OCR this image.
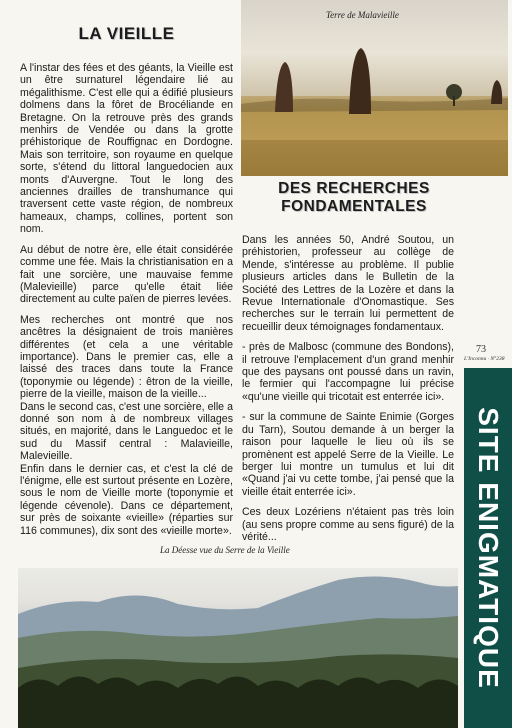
LA VIEILLE

A l'instar des fées et des géants, la Vieille est un être surnaturel légendaire lié au mégalithisme. C'est elle qui a édifié plusieurs dolmens dans la fôret de Brocéliande en Bretagne. On la retrouve près des grands menhirs de Vendée ou dans la grotte préhistorique de Rouffignac en Dordogne. Mais son territoire, son royaume en quelque sorte, s'étend du littoral languedocien aux monts d'Auvergne. Tout le long des anciennes drailles de transhumance qui traversent cette vaste région, de nombreux hameaux, champs, collines, portent son nom.

Au début de notre ère, elle était considérée comme une fée. Mais la christianisation en a fait une sorcière, une mauvaise femme (Malevieille) parce qu'elle était liée directement au culte païen de pierres levées.

Mes recherches ont montré que nos ancêtres la désignaient de trois manières différentes (et cela a une véritable importance). Dans le premier cas, elle a laissé des traces dans toute la France (toponymie ou légende) : êtron de la vieille, pierre de la vieille, maison de la vieille...

Dans le second cas, c'est une sorcière, elle a donné son nom à de nombreux villages situés, en majorité, dans le Languedoc et le sud du Massif central : Malavieille, Malevieille.

Enfin dans le dernier cas, et c'est la clé de l'énigme, elle est surtout présente en Lozère, sous le nom de Vieille morte (toponymie et légende cévenole). Dans ce département, sur près de soixante «vieille» (réparties sur 116 communes), dix sont des «vieille morte».

Terre de Malavieille
DES RECHERCHES
FONDAMENTALES

Dans les années 50, André Soutou, un préhistorien, professeur au collège de Mende, s'intéresse au problème. Il publie plusieurs articles dans le Bulletin de la Société des Lettres de la Lozère et dans la Revue Internationale d'Onomastique. Ses recherches sur le terrain lui permettent de recueillir deux témoignages fondamentaux.

- près de Malbosc (commune des Bondons), il retrouve l'emplacement d'un grand menhir que des paysans ont poussé dans un ravin, le fermier qui l'accompagne lui précise «qu'une vieille qui tricotait est enterrée ici».

- sur la commune de Sainte Enimie (Gorges du Tarn), Soutou demande à un berger la raison pour laquelle le lieu où ils se promènent est appelé Serre de la Vieille. Le berger lui montre un tumulus et lui dit «Quand j'ai vu cette tombe, j'ai pensé que la vieille était enterrée ici».

Ces deux Lozériens n'étaient pas très loin (au sens propre comme au sens figuré) de la vérité...

73
L'Inconnu · N°238
SITE ENIGMATIQUE
La Déesse vue du Serre de la Vieille
